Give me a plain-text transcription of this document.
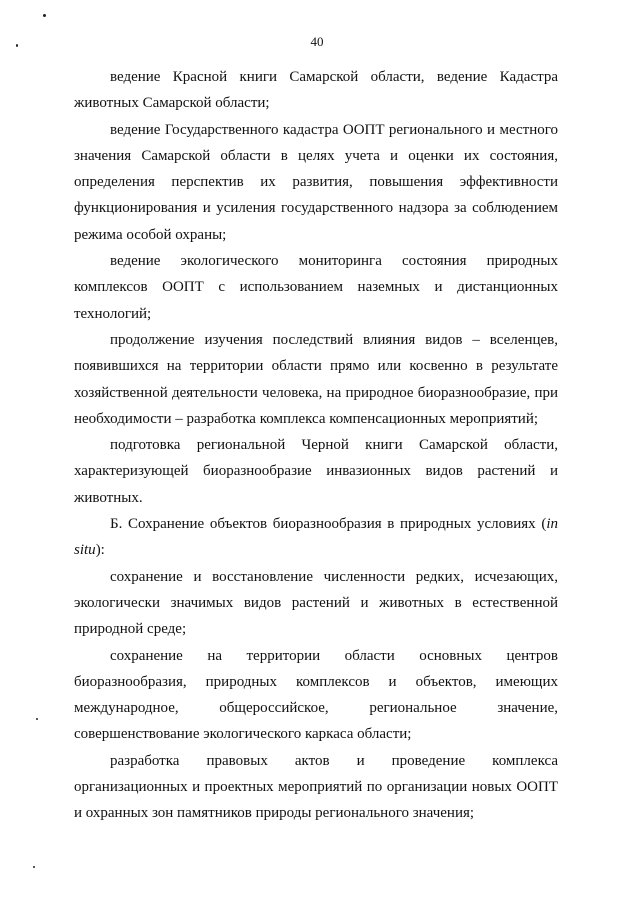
40

ведение Красной книги Самарской области, ведение Кадастра животных Самарской области;

ведение Государственного кадастра ООПТ регионального и местного значения Самарской области в целях учета и оценки их состояния, определения перспектив их развития, повышения эффективности функционирования и усиления государственного надзора за соблюдением режима особой охраны;

ведение экологического мониторинга состояния природных комплексов ООПТ с использованием наземных и дистанционных технологий;

продолжение изучения последствий влияния видов – вселенцев, появившихся на территории области прямо или косвенно в результате хозяйственной деятельности человека, на природное биоразнообразие, при необходимости – разработка комплекса компенсационных мероприятий;

подготовка региональной Черной книги Самарской области, характеризующей биоразнообразие инвазионных видов растений и животных.

Б. Сохранение объектов биоразнообразия в природных условиях (in situ):

сохранение и восстановление численности редких, исчезающих, экологически значимых видов растений и животных в естественной природной среде;

сохранение на территории области основных центров биоразнообразия, природных комплексов и объектов, имеющих международное, общероссийское, региональное значение, совершенствование экологического каркаса области;

разработка правовых актов и проведение комплекса организационных и проектных мероприятий по организации новых ООПТ и охранных зон памятников природы регионального значения;
